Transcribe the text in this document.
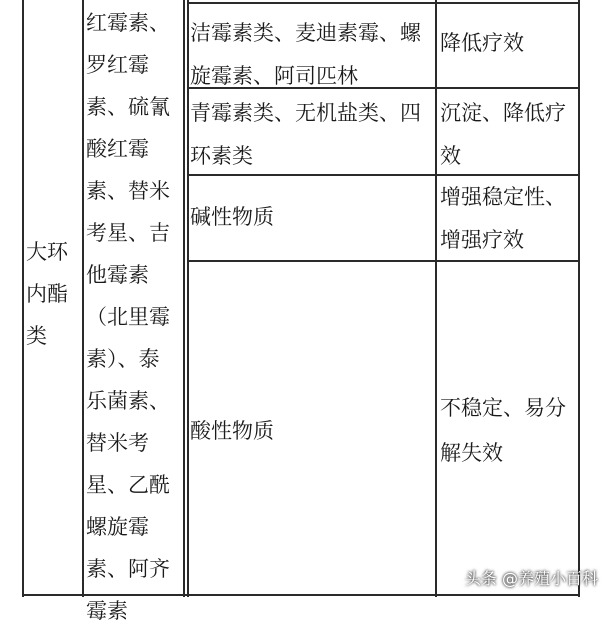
大环内酯类
红霉素、罗红霉素、硫氰酸红霉素、替米考星、吉他霉素（北里霉素）、泰乐菌素、替米考星、乙酰螺旋霉素、阿齐霉素
洁霉素类、麦迪素霉、螺旋霉素、阿司匹林
降低疗效
青霉素类、无机盐类、四环素类
沉淀、降低疗效
碱性物质
增强稳定性、增强疗效
酸性物质
不稳定、易分解失效
头条 @养殖小百科
